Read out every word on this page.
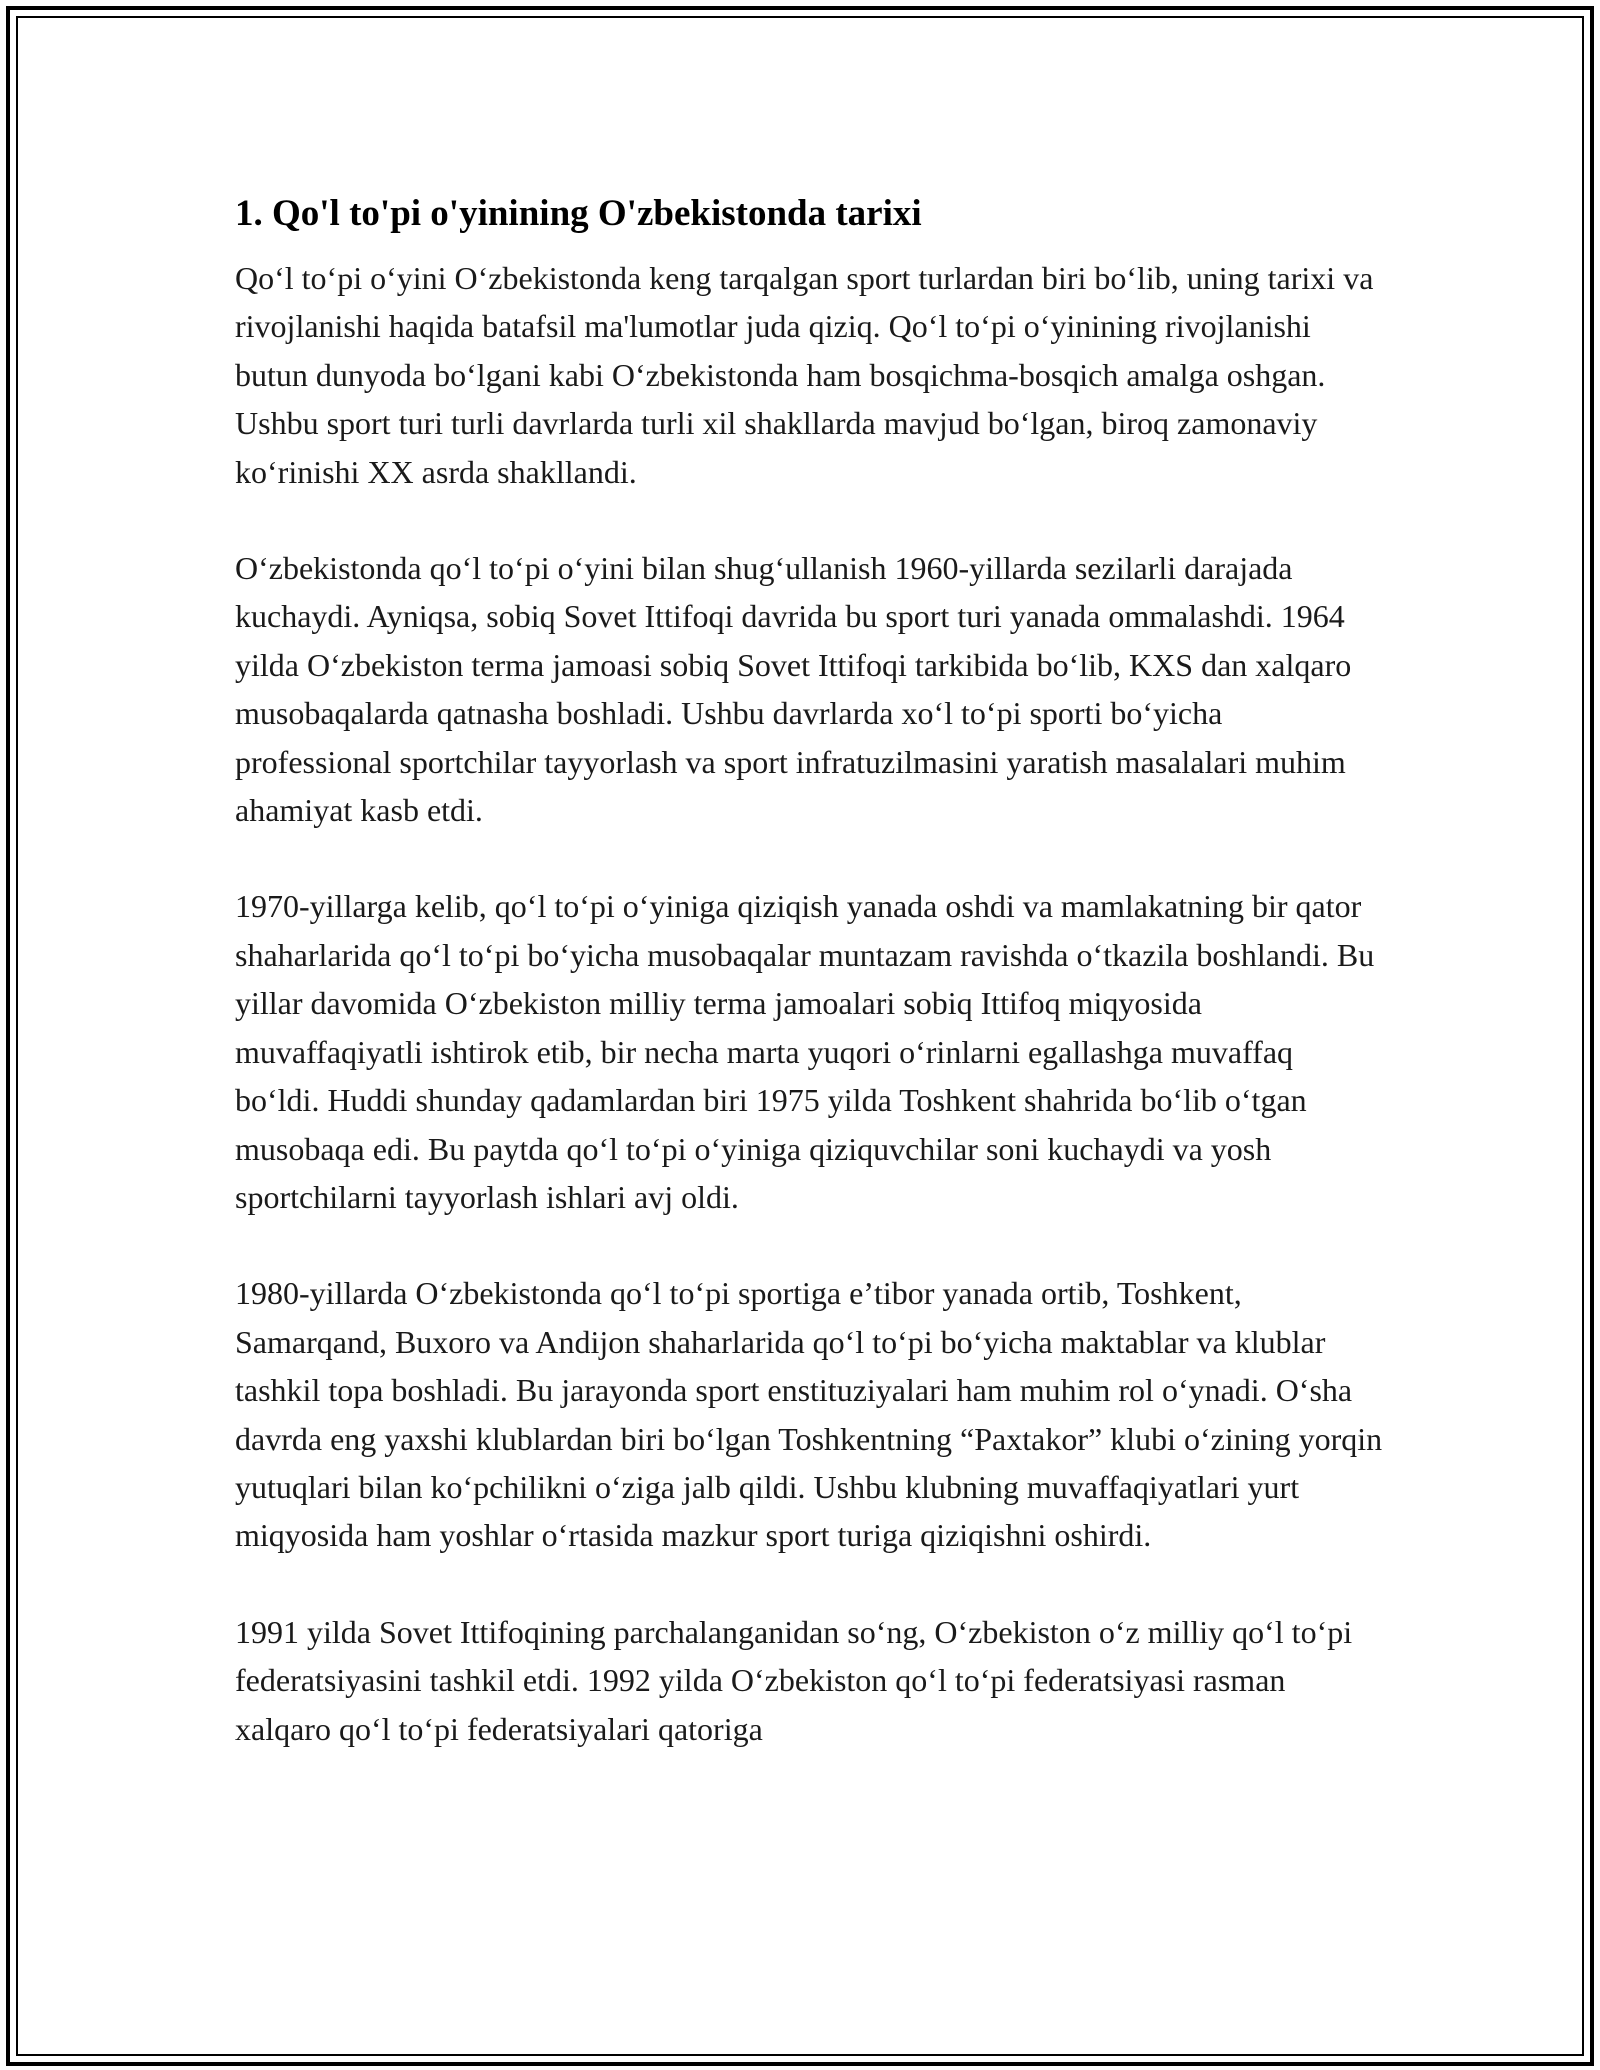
1. Qo'l to'pi o'yinining O'zbekistonda tarixi

Qoʻl toʻpi oʻyini Oʻzbekistonda keng tarqalgan sport turlardan biri boʻlib, uning tarixi va rivojlanishi haqida batafsil ma'lumotlar juda qiziq. Qoʻl toʻpi oʻyinining rivojlanishi butun dunyoda boʻlgani kabi Oʻzbekistonda ham bosqichma-bosqich amalga oshgan. Ushbu sport turi turli davrlarda turli xil shakllarda mavjud boʻlgan, biroq zamonaviy koʻrinishi XX asrda shakllandi.

Oʻzbekistonda qoʻl toʻpi oʻyini bilan shugʻullanish 1960-yillarda sezilarli darajada kuchaydi. Ayniqsa, sobiq Sovet Ittifoqi davrida bu sport turi yanada ommalashdi. 1964 yilda Oʻzbekiston terma jamoasi sobiq Sovet Ittifoqi tarkibida boʻlib, KXS dan xalqaro musobaqalarda qatnasha boshladi. Ushbu davrlarda xoʻl toʻpi sporti boʻyicha professional sportchilar tayyorlash va sport infratuzilmasini yaratish masalalari muhim ahamiyat kasb etdi.

1970-yillarga kelib, qoʻl toʻpi oʻyiniga qiziqish yanada oshdi va mamlakatning bir qator shaharlarida qoʻl toʻpi boʻyicha musobaqalar muntazam ravishda oʻtkazila boshlandi. Bu yillar davomida Oʻzbekiston milliy terma jamoalari sobiq Ittifoq miqyosida muvaffaqiyatli ishtirok etib, bir necha marta yuqori oʻrinlarni egallashga muvaffaq boʻldi. Huddi shunday qadamlardan biri 1975 yilda Toshkent shahrida boʻlib oʻtgan musobaqa edi. Bu paytda qoʻl toʻpi oʻyiniga qiziquvchilar soni kuchaydi va yosh sportchilarni tayyorlash ishlari avj oldi.

1980-yillarda Oʻzbekistonda qoʻl toʻpi sportiga eʼtibor yanada ortib, Toshkent, Samarqand, Buxoro va Andijon shaharlarida qoʻl toʻpi boʻyicha maktablar va klublar tashkil topa boshladi. Bu jarayonda sport enstituziyalari ham muhim rol oʻynadi. Oʻsha davrda eng yaxshi klublardan biri boʻlgan Toshkentning “Paxtakor” klubi oʻzining yorqin yutuqlari bilan koʻpchilikni oʻziga jalb qildi. Ushbu klubning muvaffaqiyatlari yurt miqyosida ham yoshlar oʻrtasida mazkur sport turiga qiziqishni oshirdi.

1991 yilda Sovet Ittifoqining parchalanganidan soʻng, Oʻzbekiston oʻz milliy qoʻl toʻpi federatsiyasini tashkil etdi. 1992 yilda Oʻzbekiston qoʻl toʻpi federatsiyasi rasman xalqaro qoʻl toʻpi federatsiyalari qatoriga
